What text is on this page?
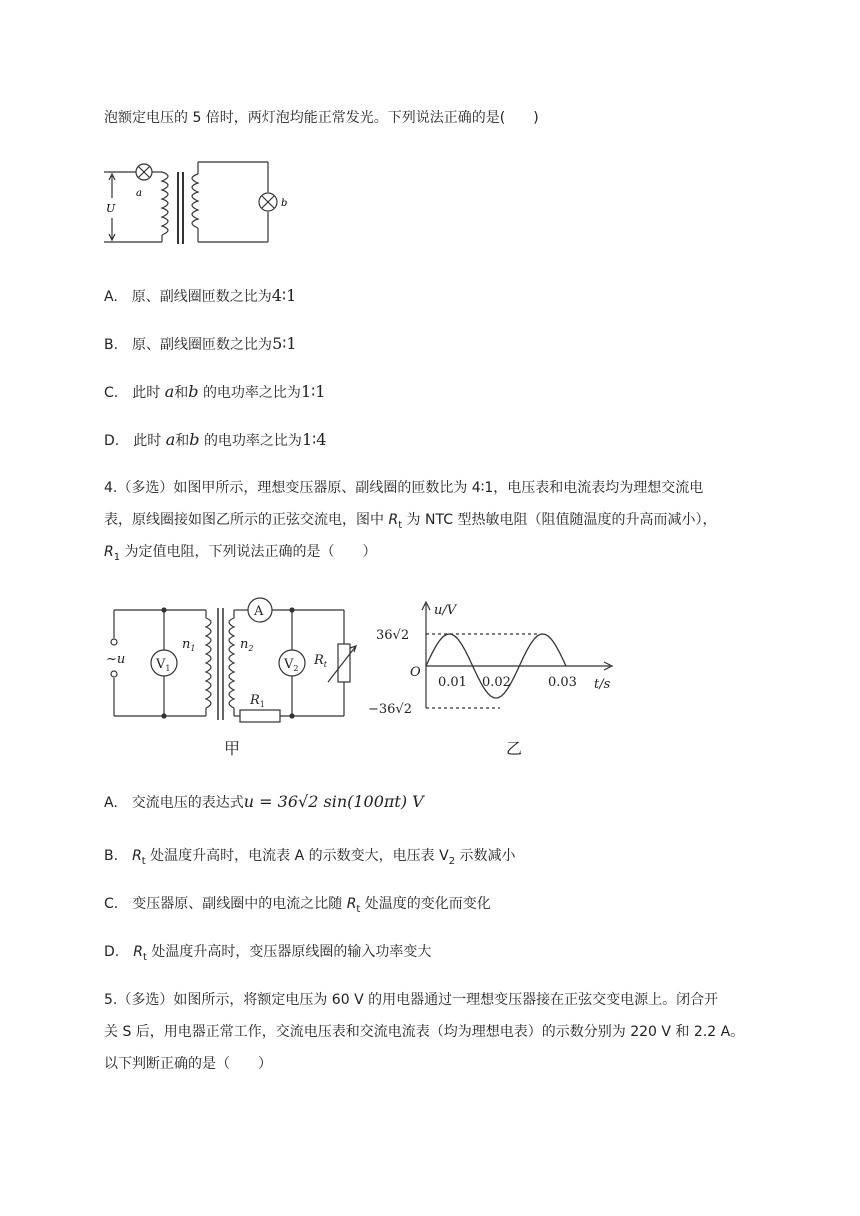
泡额定电压的 5 倍时，两灯泡均能正常发光。下列说法正确的是(　　)
a
b
U
A.　原、副线圈匝数之比为4∶1
B.　原、副线圈匝数之比为5∶1
C.　此时 a和b 的电功率之比为1∶1
D.　此时 a和b 的电功率之比为1∶4
4.（多选）如图甲所示，理想变压器原、副线圈的匝数比为 4∶1，电压表和电流表均为理想交流电
表，原线圈接如图乙所示的正弦交流电，图中 $R_t$ 为 NTC 型热敏电阻（阻值随温度的升高而减小），
$R_1$ 为定值电阻，下列说法正确的是（　　）
A
$V_1$	$V_2$
$n_1$	$n_2$
$R_t$
$R_1$
~u
甲
u/V
t/s
O
36√2
−36√2
0.01 0.02	0.03
乙
A.　交流电压的表达式u = 36√2 sin(100πt) V
B.　$R_t$ 处温度升高时，电流表 A 的示数变大，电压表 $V_2$ 示数减小
C.　变压器原、副线圈中的电流之比随 $R_t$ 处温度的变化而变化
D.　$R_t$ 处温度升高时，变压器原线圈的输入功率变大
5.（多选）如图所示，将额定电压为 60 V 的用电器通过一理想变压器接在正弦交变电源上。闭合开
关 S 后，用电器正常工作，交流电压表和交流电流表（均为理想电表）的示数分别为 220 V 和 2.2 A。
以下判断正确的是（　　）
